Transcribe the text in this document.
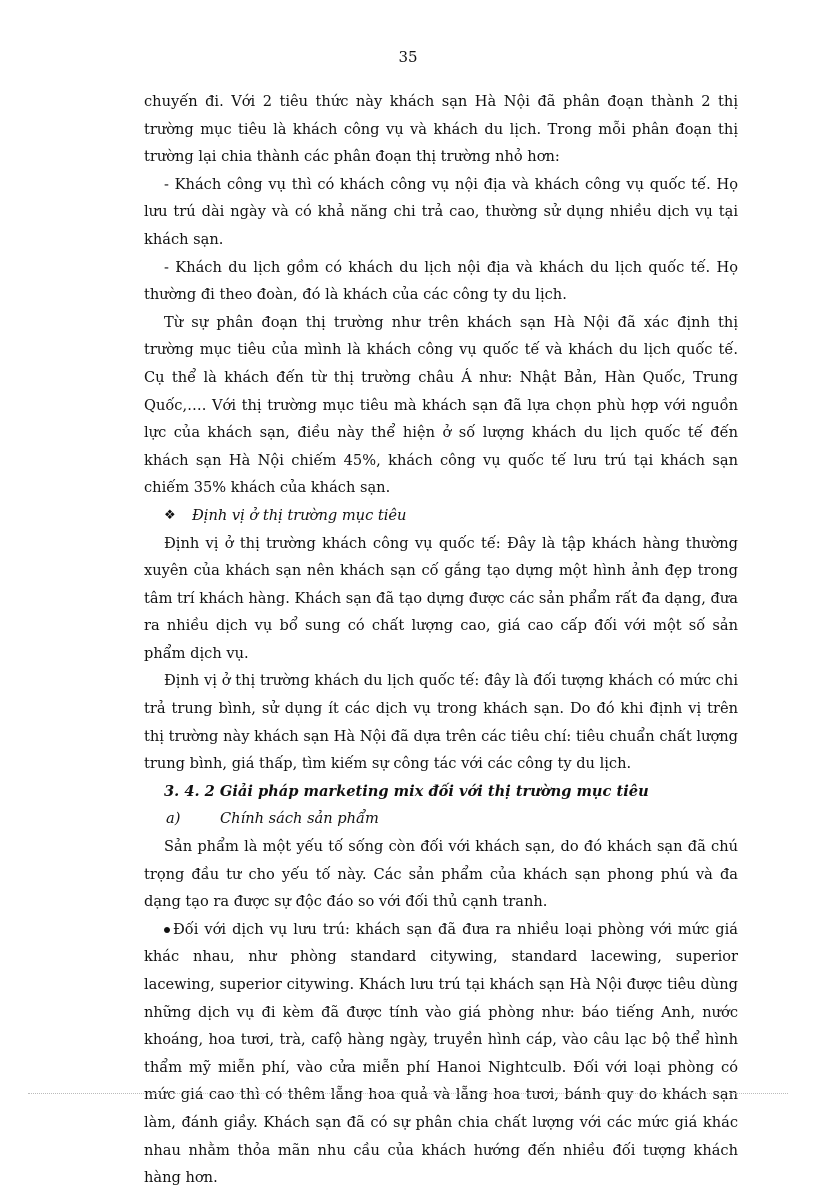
35

chuyến đi. Với 2 tiêu thức này khách sạn Hà Nội đã phân đoạn thành 2 thị trường mục tiêu là khách công vụ và khách du lịch. Trong mỗi phân đoạn thị trường lại chia thành các phân đoạn thị trường nhỏ hơn:

- Khách công vụ thì có khách công vụ nội địa và khách công vụ quốc tế. Họ lưu trú dài ngày và có khả năng chi trả cao, thường sử dụng nhiều dịch vụ tại khách sạn.

- Khách du lịch gồm có khách du lịch nội địa và khách du lịch quốc tế. Họ thường đi theo đoàn, đó là khách của các công ty du lịch.

Từ sự phân đoạn thị trường như trên khách sạn Hà Nội đã xác định thị trường mục tiêu của mình là khách công vụ quốc tế và khách du lịch quốc tế. Cụ thể là khách đến từ thị trường châu Á như: Nhật Bản, Hàn Quốc, Trung Quốc,…. Với thị trường mục tiêu mà khách sạn đã lựa chọn phù hợp với nguồn lực của khách sạn, điều này thể hiện ở số lượng khách du lịch quốc tế đến khách sạn Hà Nội chiếm 45%, khách công vụ quốc tế lưu trú tại khách sạn chiếm 35% khách của khách sạn.

❖	Định vị ở thị trường mục tiêu

Định vị ở thị trường khách công vụ quốc tế: Đây là tập khách hàng thường xuyên của khách sạn nên khách sạn cố gắng tạo dựng một hình ảnh đẹp trong tâm trí khách hàng. Khách sạn đã tạo dựng được các sản phẩm rất đa dạng, đưa ra nhiều dịch vụ bổ sung có chất lượng cao, giá cao cấp đối với một số sản phẩm dịch vụ.

Định vị ở thị trường khách du lịch quốc tế: đây là đối tượng khách có mức chi trả trung bình, sử dụng ít các dịch vụ trong khách sạn. Do đó khi định vị trên thị trường này khách sạn Hà Nội đã dựa trên các tiêu chí: tiêu chuẩn chất lượng trung bình, giá thấp, tìm kiếm sự công tác với các công ty du lịch.

3. 4. 2 Giải pháp marketing mix đối với thị trường mục tiêu

a)	Chính sách sản phẩm

Sản phẩm là một yếu tố sống còn đối với khách sạn, do đó khách sạn đã chú trọng đầu tư cho yếu tố này. Các sản phẩm của khách sạn phong phú và đa dạng tạo ra được sự độc đáo so với đối thủ cạnh tranh.

Đối với dịch vụ lưu trú: khách sạn đã đưa ra nhiều loại phòng với mức giá khác nhau, như phòng standard citywing, standard lacewing, superior lacewing, superior citywing. Khách lưu trú tại khách sạn Hà Nội được tiêu dùng những dịch vụ đi kèm đã được tính vào giá phòng như: báo tiếng Anh, nước khoáng, hoa tươi, trà, cafộ hàng ngày, truyền hình cáp, vào câu lạc bộ thể hình thẩm mỹ miễn phí, vào cửa miễn phí Hanoi Nightculb. Đối với loại phòng có mức giá cao thì có thêm lẵng hoa quả và lẵng hoa tươi, bánh quy do khách sạn làm, đánh giầy. Khách sạn đã có sự phân chia chất lượng với các mức giá khác nhau nhằm thỏa mãn nhu cầu của khách hướng đến nhiều đối tượng khách hàng hơn.
